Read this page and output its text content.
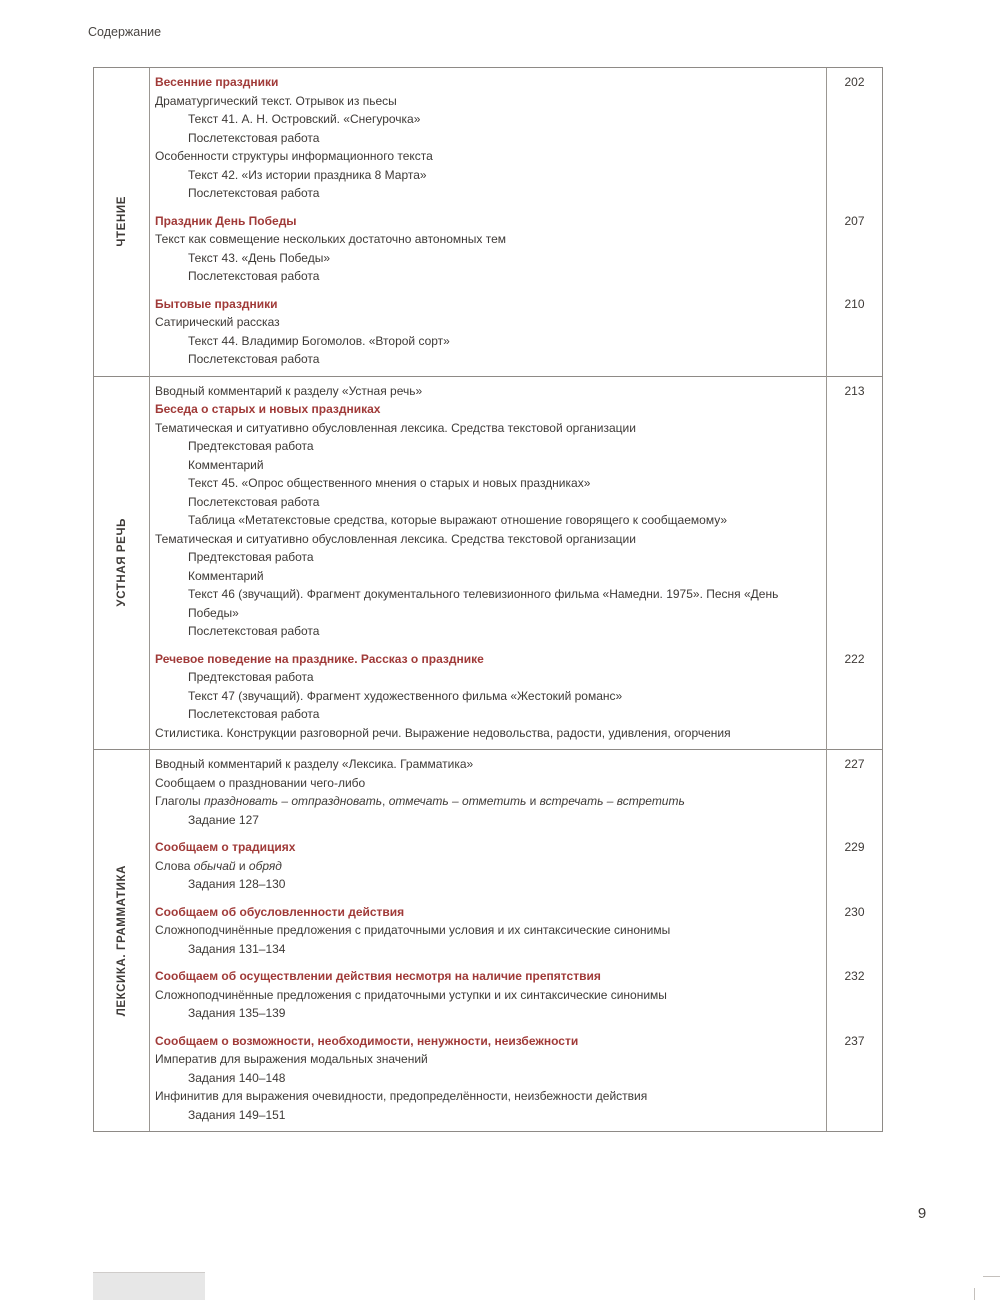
Содержание
ЧТЕНИЕ
Весенние праздники
Драматургический текст. Отрывок из пьесы
Текст 41. А. Н. Островский. «Снегурочка»
Послетекстовая работа
Особенности структуры информационного текста
Текст 42. «Из истории праздника 8 Марта»
Послетекстовая работа
202
Праздник День Победы
Текст как совмещение нескольких достаточно автономных тем
Текст 43. «День Победы»
Послетекстовая работа
207
Бытовые праздники
Сатирический рассказ
Текст 44. Владимир Богомолов. «Второй сорт»
Послетекстовая работа
210
УСТНАЯ РЕЧЬ
Вводный комментарий к разделу «Устная речь»
Беседа о старых и новых праздниках
Тематическая и ситуативно обусловленная лексика. Средства текстовой организации
Предтекстовая работа
Комментарий
Текст 45. «Опрос общественного мнения о старых и новых праздниках»
Послетекстовая работа
Таблица «Метатекстовые средства, которые выражают отношение говорящего к сообщаемому»
Тематическая и ситуативно обусловленная лексика. Средства текстовой организации
Предтекстовая работа
Комментарий
Текст 46 (звучащий). Фрагмент документального телевизионного фильма «Намедни. 1975». Песня «День Победы»
Послетекстовая работа
213
Речевое поведение на празднике. Рассказ о празднике
Предтекстовая работа
Текст 47 (звучащий). Фрагмент художественного фильма «Жестокий романс»
Послетекстовая работа
Стилистика. Конструкции разговорной речи. Выражение недовольства, радости, удивления, огорчения
222
ЛЕКСИКА. ГРАММАТИКА
Вводный комментарий к разделу «Лексика. Грамматика»
Сообщаем о праздновании чего-либо
Глаголы праздновать – отпраздновать, отмечать – отметить и встречать – встретить
Задание 127
227
Сообщаем о традициях
Слова обычай и обряд
Задания 128–130
229
Сообщаем об обусловленности действия
Сложноподчинённые предложения с придаточными условия и их синтаксические синонимы
Задания 131–134
230
Сообщаем об осуществлении действия несмотря на наличие препятствия
Сложноподчинённые предложения с придаточными уступки и их синтаксические синонимы
Задания 135–139
232
Сообщаем о возможности, необходимости, ненужности, неизбежности
Императив для выражения модальных значений
Задания 140–148
Инфинитив для выражения очевидности, предопределённости, неизбежности действия
Задания 149–151
237
9
